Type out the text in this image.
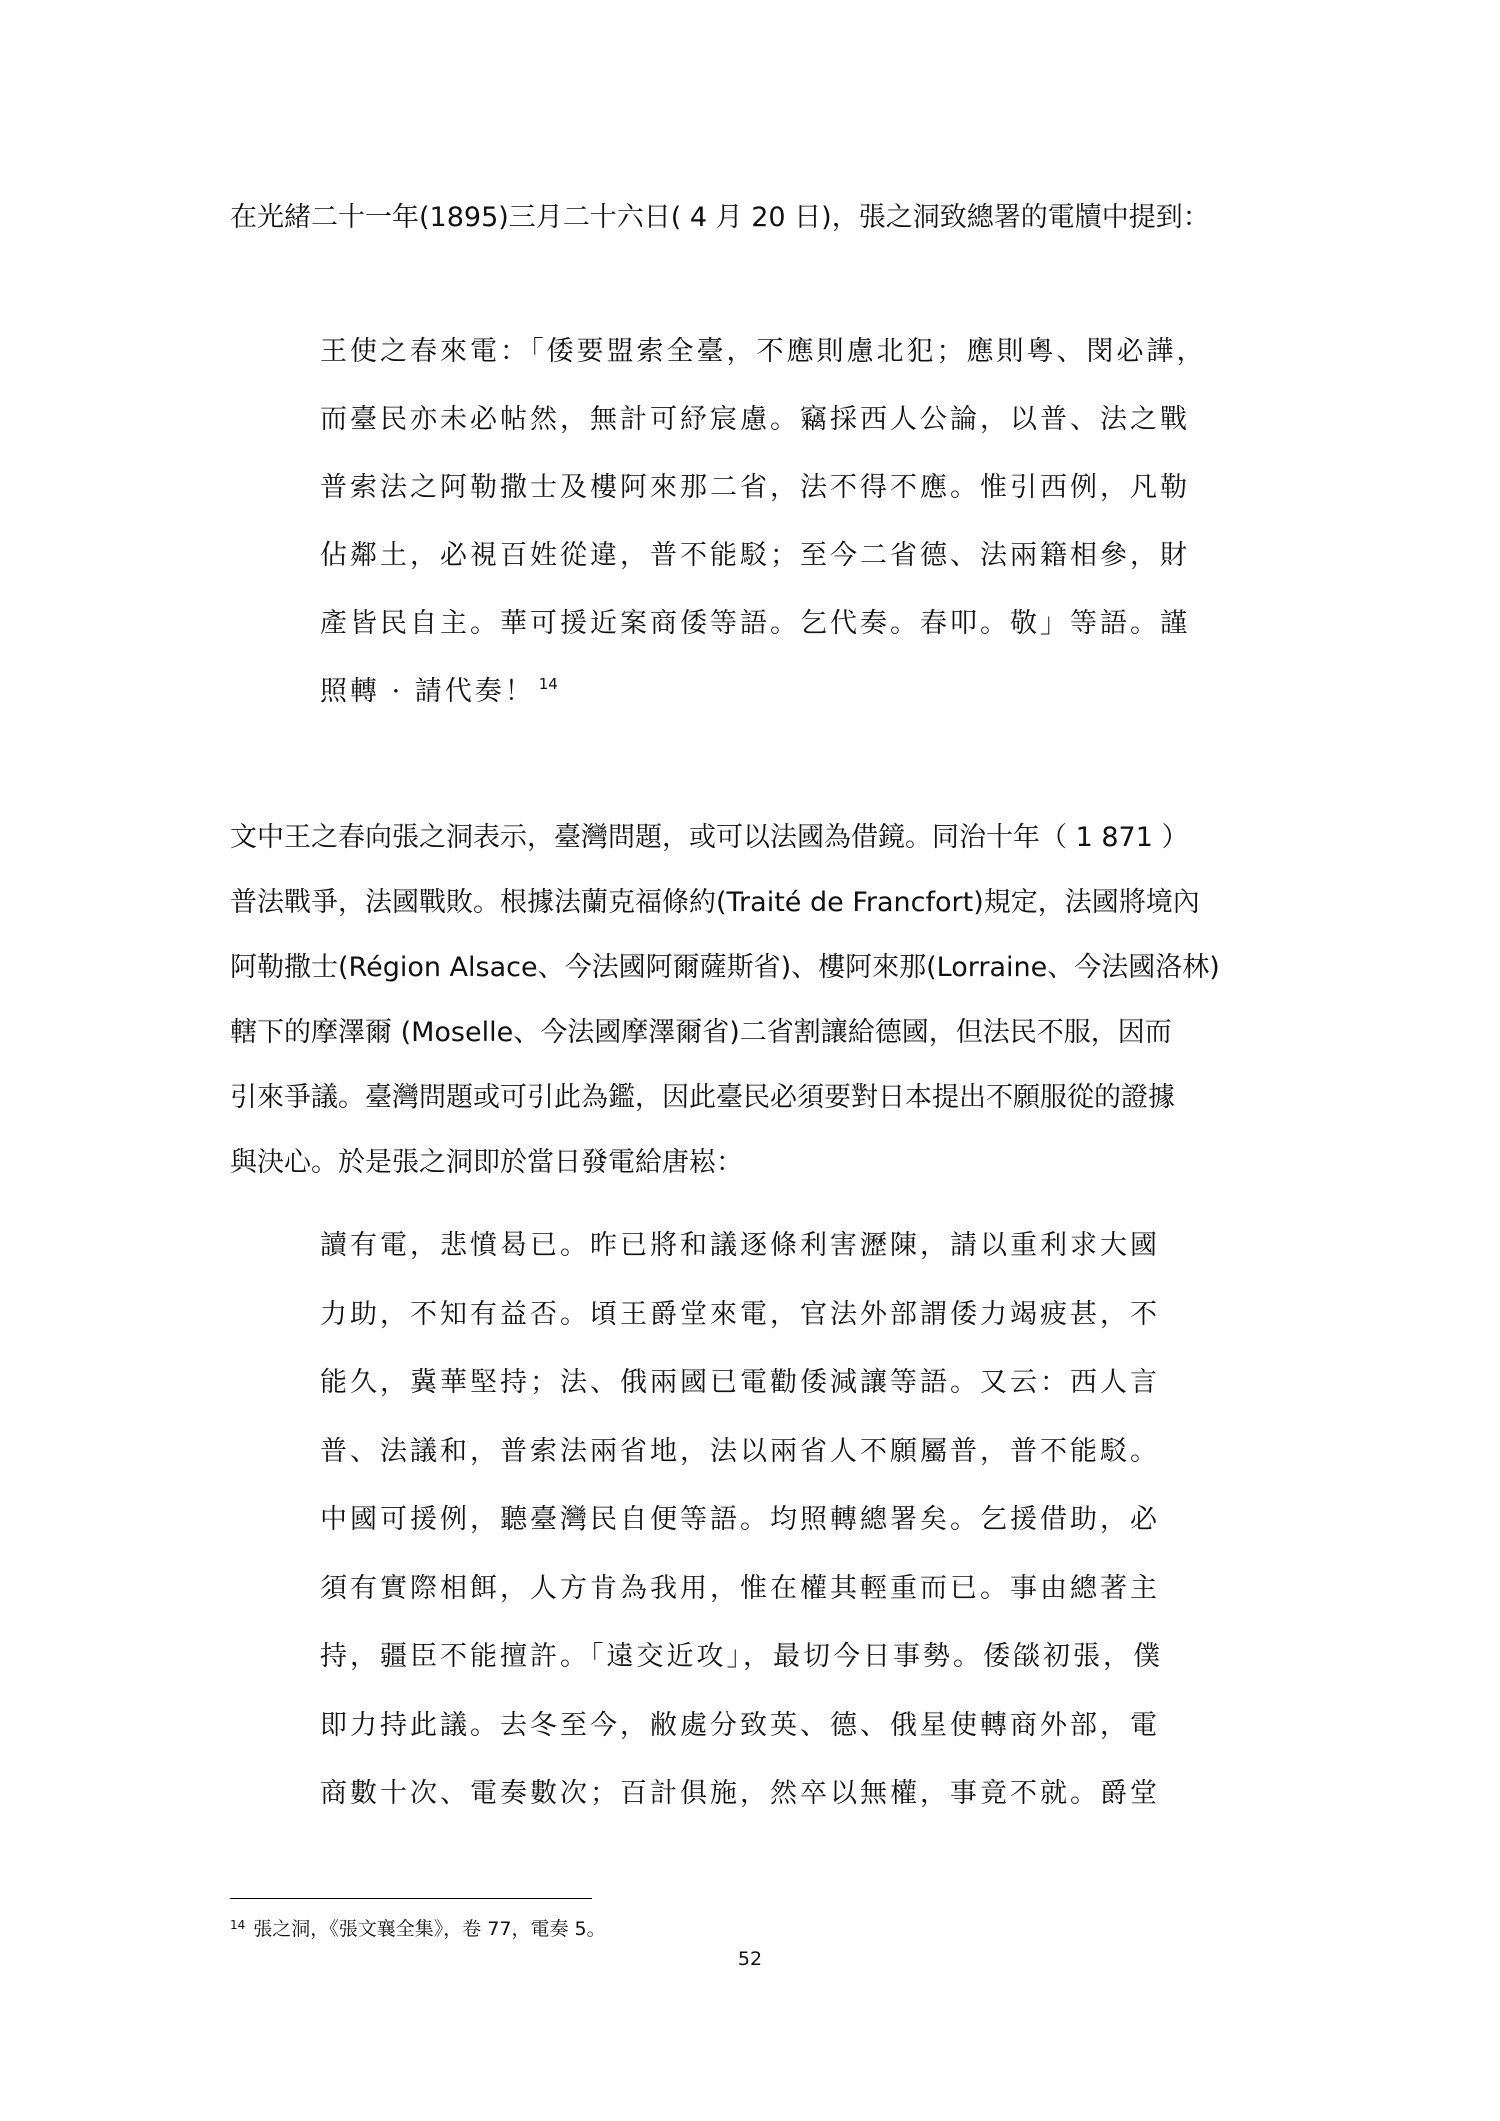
在光緒二十一年(1895)三月二十六日( 4 月 20 日)，張之洞致總署的電牘中提到：

王使之春來電：「倭要盟索全臺，不應則慮北犯；應則粵、閔必譁，
而臺民亦未必帖然，無計可紓宸慮。竊採西人公論，以普、法之戰
普索法之阿勒撒士及樓阿來那二省，法不得不應。惟引西例，凡勒
佔鄰土，必視百姓從違，普不能駁；至今二省德、法兩籍相參，財
產皆民自主。華可援近案商倭等語。乞代奏。春叩。敬」等語。謹
照轉 · 請代奏！ $^{14}$
文中王之春向張之洞表示，臺灣問題，或可以法國為借鏡。同治十年（ 1 871 ）
普法戰爭，法國戰敗。根據法蘭克福條約(Traité de Francfort)規定，法國將境內
阿勒撒士(Région Alsace、今法國阿爾薩斯省)、樓阿來那(Lorraine、今法國洛林)
轄下的摩澤爾 (Moselle、今法國摩澤爾省)二省割讓給德國，但法民不服，因而
引來爭議。臺灣問題或可引此為鑑，因此臺民必須要對日本提出不願服從的證據
與決心。於是張之洞即於當日發電給唐崧：
讀有電，悲憤曷已。昨已將和議逐條利害瀝陳，請以重利求大國
力助，不知有益否。頃王爵堂來電，官法外部謂倭力竭疲甚，不
能久，冀華堅持；法、俄兩國已電勸倭減讓等語。又云：西人言
普、法議和，普索法兩省地，法以兩省人不願屬普，普不能駁。
中國可援例，聽臺灣民自便等語。均照轉總署矣。乞援借助，必
須有實際相餌，人方肯為我用，惟在權其輕重而已。事由總著主
持，疆臣不能擅許。「遠交近攻」，最切今日事勢。倭燄初張，僕
即力持此議。去冬至今，敝處分致英、德、俄星使轉商外部，電
商數十次、電奏數次；百計俱施，然卒以無權，事竟不就。爵堂
$^{14}$ 張之洞，《張文襄全集》，卷 77，電奏 5。
52
